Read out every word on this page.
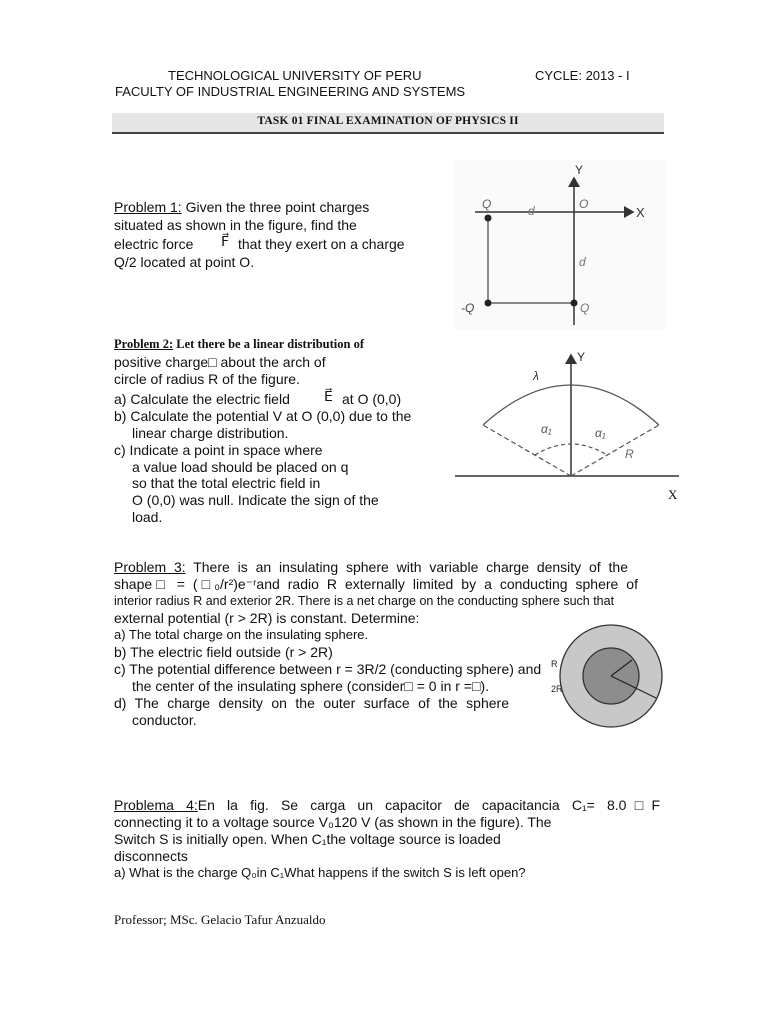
TECHNOLOGICAL UNIVERSITY OF PERU	CYCLE: 2013 - I
FACULTY OF INDUSTRIAL ENGINEERING AND SYSTEMS
TASK 01 FINAL EXAMINATION OF PHYSICS II
Problem 1: Given the three point charges
situated as shown in the figure, find the
electric force F⃗ that they exert on a charge
Q/2 located at point O.
Y
X
O
d
d
Q
-Q	Q
Problem 2: Let there be a linear distribution of
positive charge□ about the arch of
circle of radius R of the figure.
a) Calculate the electric field E⃗ at O (0,0)
b) Calculate the potential V at O (0,0) due to the
linear charge distribution.
c) Indicate a point in space where
a value load should be placed on q
so that the total electric field in
O (0,0) was null. Indicate the sign of the
load.
λ
Y
α₁	α₁
R
X
Problem 3: There is an insulating sphere with variable charge density of the
shape□ = (□₀/r²)e⁻ʳand radio R externally limited by a conducting sphere of
interior radius R and exterior 2R. There is a net charge on the conducting sphere such that
external potential (r > 2R) is constant. Determine:
a) The total charge on the insulating sphere.
b) The electric field outside (r > 2R)
c) The potential difference between r = 3R/2 (conducting sphere) and
the center of the insulating sphere (consider□ = 0 in r =□).
d) The charge density on the outer surface of the sphere
conductor.
R
2R
Problema 4:En la fig. Se carga un capacitor de capacitancia C₁= 8.0□F
connecting it to a voltage source V₀120 V (as shown in the figure). The
Switch S is initially open. When C₁the voltage source is loaded
disconnects
a) What is the charge Q₀in C₁What happens if the switch S is left open?
Professor; MSc. Gelacio Tafur Anzualdo
